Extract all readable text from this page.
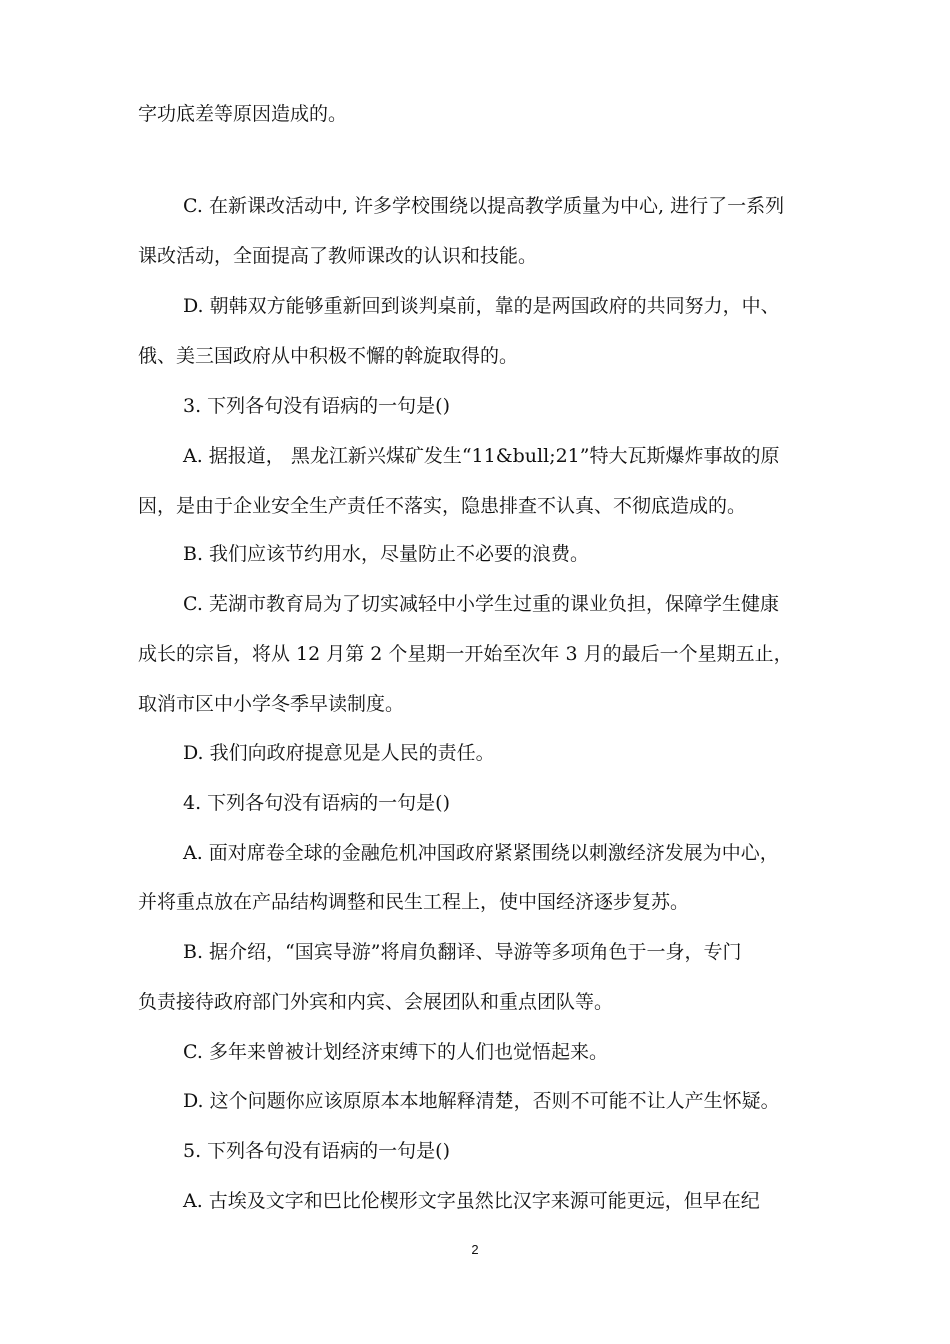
字功底差等原因造成的。
C. 在新课改活动中, 许多学校围绕以提高教学质量为中心, 进行了一系列
课改活动，全面提高了教师课改的认识和技能。
D. 朝韩双方能够重新回到谈判桌前，靠的是两国政府的共同努力，中、
俄、美三国政府从中积极不懈的斡旋取得的。
3. 下列各句没有语病的一句是()
A. 据报道， 黑龙江新兴煤矿发生“11&bull;21”特大瓦斯爆炸事故的原
因，是由于企业安全生产责任不落实，隐患排查不认真、不彻底造成的。
B. 我们应该节约用水，尽量防止不必要的浪费。
C. 芜湖市教育局为了切实减轻中小学生过重的课业负担，保障学生健康
成长的宗旨，将从 12 月第 2 个星期一开始至次年 3 月的最后一个星期五止，
取消市区中小学冬季早读制度。
D. 我们向政府提意见是人民的责任。
4. 下列各句没有语病的一句是()
A. 面对席卷全球的金融危机冲国政府紧紧围绕以刺激经济发展为中心，
并将重点放在产品结构调整和民生工程上，使中国经济逐步复苏。
B. 据介绍，“国宾导游”将肩负翻译、导游等多项角色于一身，专门
负责接待政府部门外宾和内宾、会展团队和重点团队等。
C. 多年来曾被计划经济束缚下的人们也觉悟起来。
D. 这个问题你应该原原本本地解释清楚，否则不可能不让人产生怀疑。
5. 下列各句没有语病的一句是()
A. 古埃及文字和巴比伦楔形文字虽然比汉字来源可能更远，但早在纪
2
